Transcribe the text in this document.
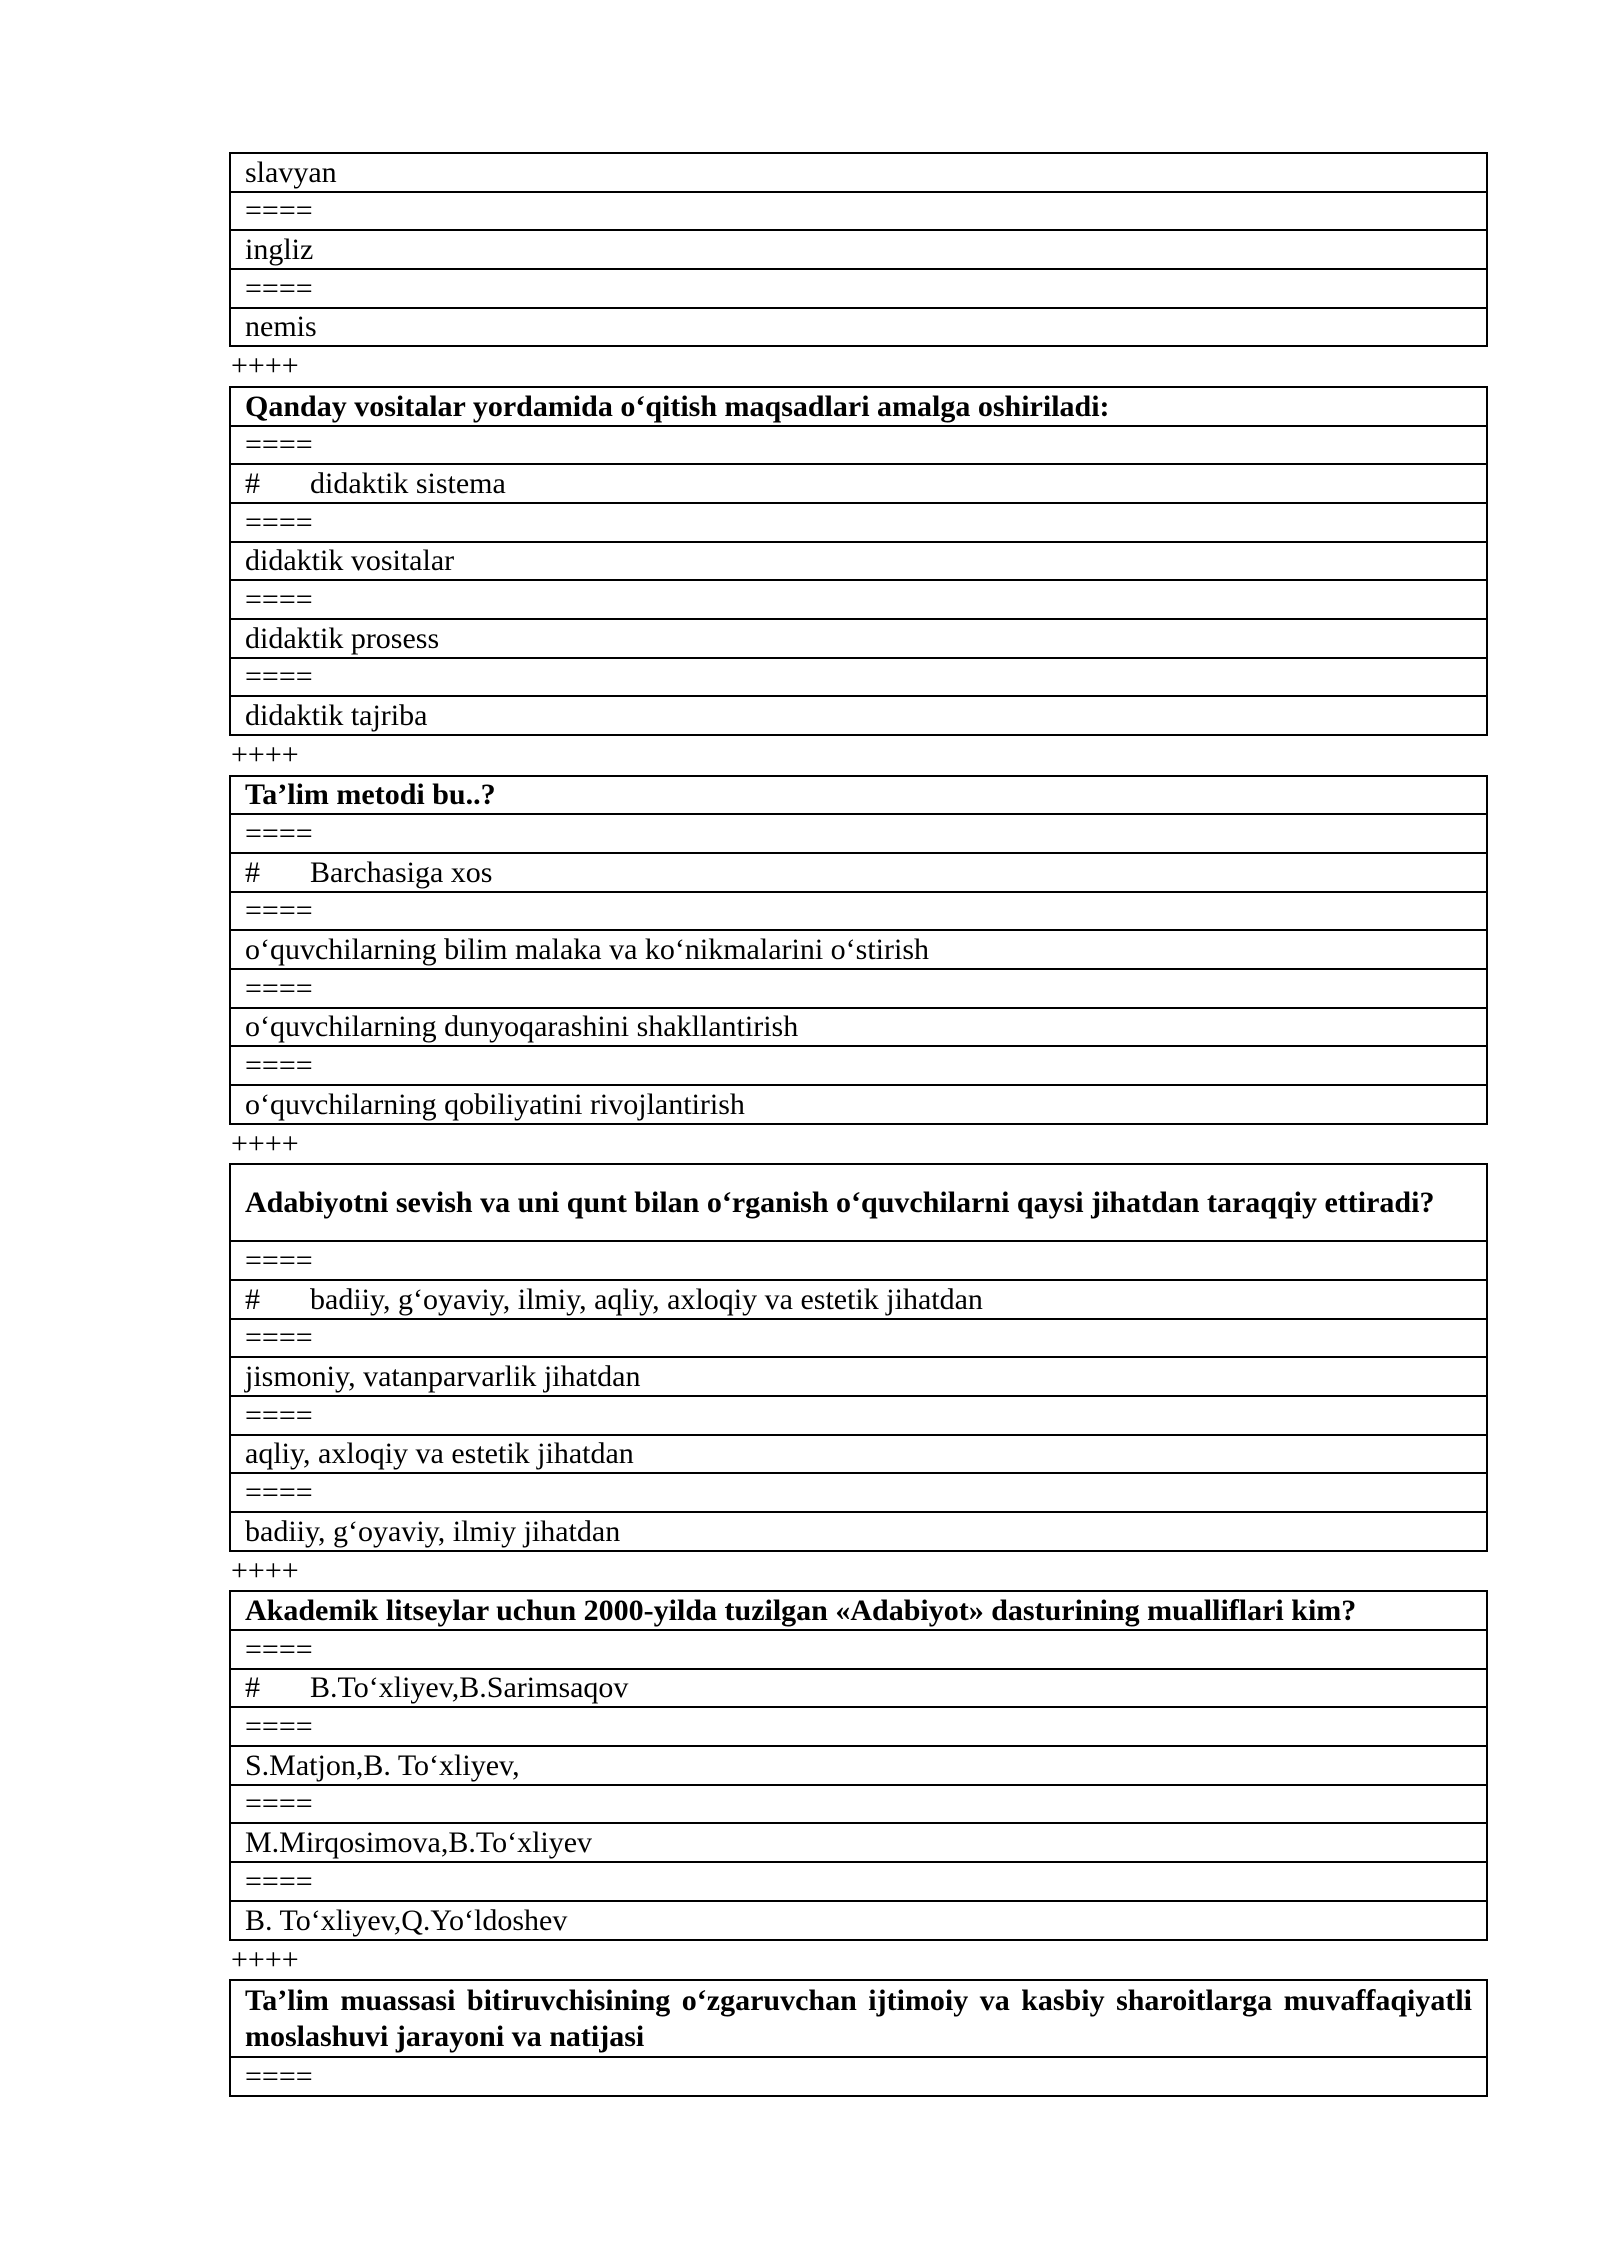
slavyan
====
ingliz
====
nemis
++++
Qanday vositalar yordamida o‘qitish maqsadlari amalga oshiriladi:
====
# didaktik sistema
====
didaktik vositalar
====
didaktik prosess
====
didaktik tajriba
++++
Ta’lim metodi bu..?
====
# Barchasiga xos
====
o‘quvchilarning bilim malaka va ko‘nikmalarini o‘stirish
====
o‘quvchilarning dunyoqarashini shakllantirish
====
o‘quvchilarning qobiliyatini rivojlantirish
++++
Adabiyotni sevish va uni qunt bilan o‘rganish o‘quvchilarni qaysi jihatdan taraqqiy ettiradi?
====
# badiiy, g‘oyaviy, ilmiy, aqliy, axloqiy va estetik jihatdan
====
jismoniy, vatanparvarlik jihatdan
====
aqliy, axloqiy va estetik jihatdan
====
badiiy, g‘oyaviy, ilmiy jihatdan
++++
Akademik litseylar uchun 2000-yilda tuzilgan «Adabiyot» dasturining mualliflari kim?
====
# B.To‘xliyev,B.Sarimsaqov
====
S.Matjon,B. To‘xliyev,
====
M.Mirqosimova,B.To‘xliyev
====
B. To‘xliyev,Q.Yo‘ldoshev
++++
Ta’lim muassasi bitiruvchisining o‘zgaruvchan ijtimoiy va kasbiy sharoitlarga muvaffaqiyatli moslashuvi jarayoni va natijasi
====
